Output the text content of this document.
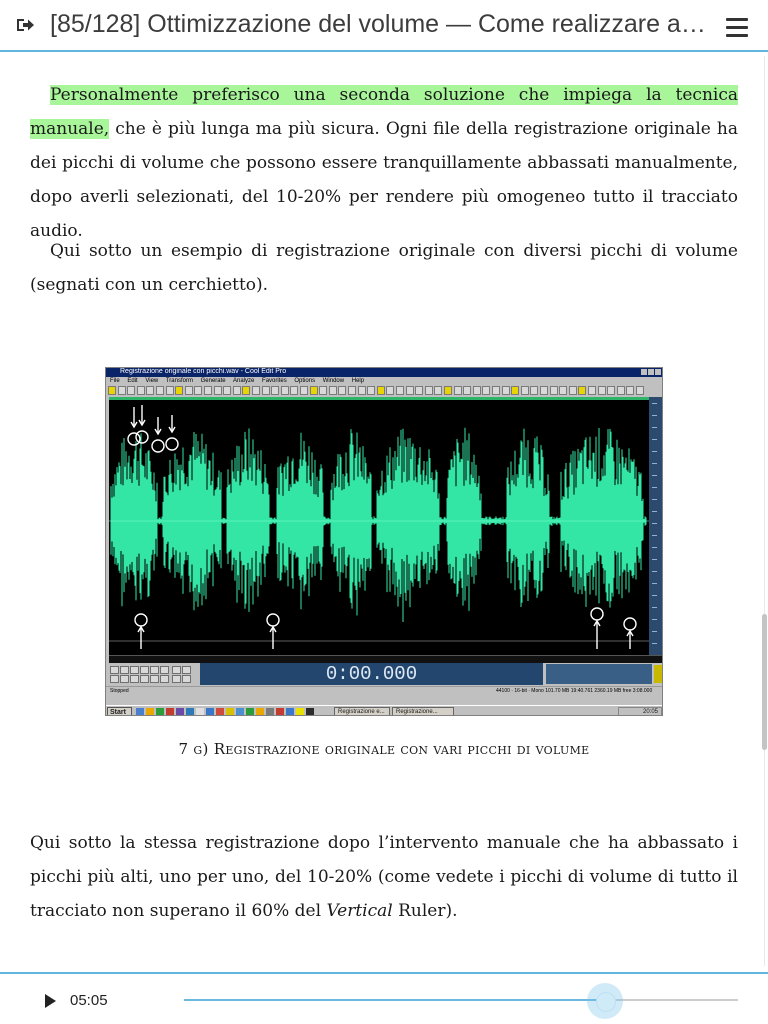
[85/128] Ottimizzazione del volume — Come realizzare a…

Personalmente preferisco una seconda soluzione che impiega la tecnica manuale, che è più lunga ma più sicura. Ogni file della registrazione originale ha dei picchi di volume che possono essere tranquillamente abbassati manualmente, dopo averli selezionati, del 10-20% per rendere più omogeneo tutto il tracciato audio.

Qui sotto un esempio di registrazione originale con diversi picchi di volume (segnati con un cerchietto).

Qui sotto la stessa registrazione dopo l’intervento manuale che ha abbassato i picchi più alti, uno per uno, del 10-20% (come vedete i picchi di volume di tutto il tracciato non superano il 60% del Vertical Ruler).

Registrazione originale con picchi.wav - Cool Edit Pro
File Edit View Transform Generate Analyze Favorites Options Window Help
0:00.000
Stopped	44100 · 16-bit · Mono 101.70 MB 19:40.761 2360.19 MB free 3:08.000
Start	Registrazione e...	Registrazione...	20:05
7 g) Registrazione originale con vari picchi di volume
05:05
